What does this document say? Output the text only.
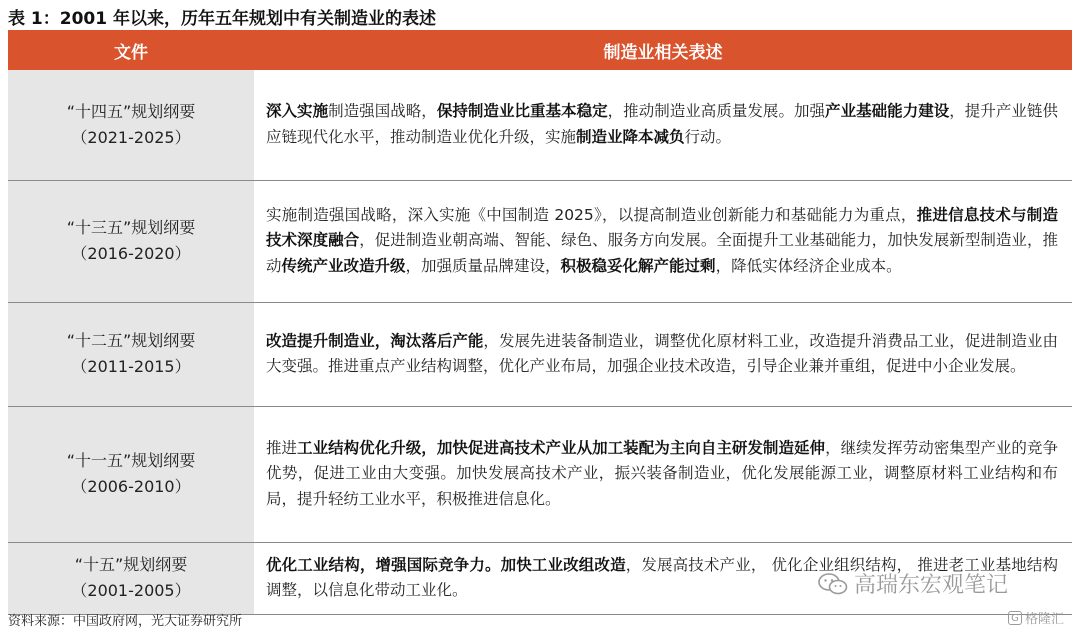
表 1：2001 年以来，历年五年规划中有关制造业的表述
文件	制造业相关表述

“十四五”规划纲要
（2021-2025）	深入实施制造强国战略，保持制造业比重基本稳定，推动制造业高质量发展。加强产业基础能力建设，提升产业链供应链现代化水平，推动制造业优化升级，实施制造业降本减负行动。

“十三五”规划纲要
（2016-2020）	实施制造强国战略，深入实施《中国制造 2025》，以提高制造业创新能力和基础能力为重点，推进信息技术与制造技术深度融合，促进制造业朝高端、智能、绿色、服务方向发展。全面提升工业基础能力，加快发展新型制造业，推动传统产业改造升级，加强质量品牌建设，积极稳妥化解产能过剩，降低实体经济企业成本。

“十二五”规划纲要
（2011-2015）	改造提升制造业，淘汰落后产能，发展先进装备制造业，调整优化原材料工业，改造提升消费品工业，促进制造业由大变强。推进重点产业结构调整，优化产业布局，加强企业技术改造，引导企业兼并重组，促进中小企业发展。

“十一五”规划纲要
（2006-2010）	推进工业结构优化升级，加快促进高技术产业从加工装配为主向自主研发制造延伸，继续发挥劳动密集型产业的竞争优势，促进工业由大变强。加快发展高技术产业，振兴装备制造业，优化发展能源工业，调整原材料工业结构和布局，提升轻纺工业水平，积极推进信息化。

“十五”规划纲要
（2001-2005）	优化工业结构，增强国际竞争力。加快工业改组改造，发展高技术产业， 优化企业组织结构， 推进老工业基地结构调整，以信息化带动工业化。
资料来源：中国政府网，光大证券研究所
高瑞东宏观笔记
G 格隆汇
